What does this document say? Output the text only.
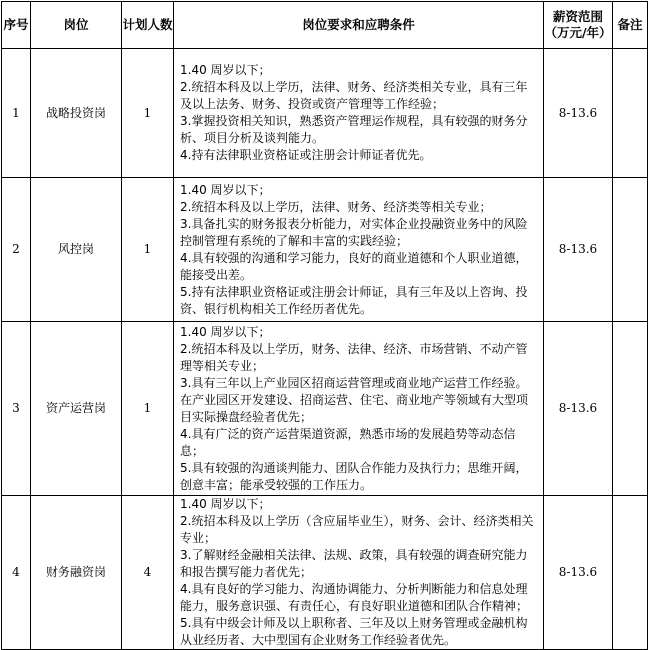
序号	岗位	计划人数	岗位要求和应聘条件	薪资范围（万元/年）	备注
1	战略投资岗	1	1.40 周岁以下；
2.统招本科及以上学历，法律、财务、经济类相关专业，具有三年及以上法务、财务、投资或资产管理等工作经验；
3.掌握投资相关知识，熟悉资产管理运作规程，具有较强的财务分析、项目分析及谈判能力。
4.持有法律职业资格证或注册会计师证者优先。	8-13.6	
2	风控岗	1	1.40 周岁以下；
2.统招本科及以上学历，法律、财务、经济类等相关专业；
3.具备扎实的财务报表分析能力，对实体企业投融资业务中的风险控制管理有系统的了解和丰富的实践经验；
4.具有较强的沟通和学习能力，良好的商业道德和个人职业道德，能接受出差。
5.持有法律职业资格证或注册会计师证，具有三年及以上咨询、投资、银行机构相关工作经历者优先。	8-13.6	
3	资产运营岗	1	1.40 周岁以下；
2.统招本科及以上学历，财务、法律、经济、市场营销、不动产管理等相关专业；
3.具有三年以上产业园区招商运营管理或商业地产运营工作经验。在产业园区开发建设、招商运营、住宅、商业地产等领域有大型项目实际操盘经验者优先；
4.具有广泛的资产运营渠道资源，熟悉市场的发展趋势等动态信息；
5.具有较强的沟通谈判能力、团队合作能力及执行力；思维开阔，创意丰富；能承受较强的工作压力。	8-13.6	
4	财务融资岗	4	1.40 周岁以下；
2.统招本科及以上学历（含应届毕业生），财务、会计、经济类相关专业；
3.了解财经金融相关法律、法规、政策，具有较强的调查研究能力和报告撰写能力者优先；
4.具有良好的学习能力、沟通协调能力、分析判断能力和信息处理能力，服务意识强、有责任心，有良好职业道德和团队合作精神；
5.具有中级会计师及以上职称者、三年及以上财务管理或金融机构从业经历者、大中型国有企业财务工作经验者优先。	8-13.6	
